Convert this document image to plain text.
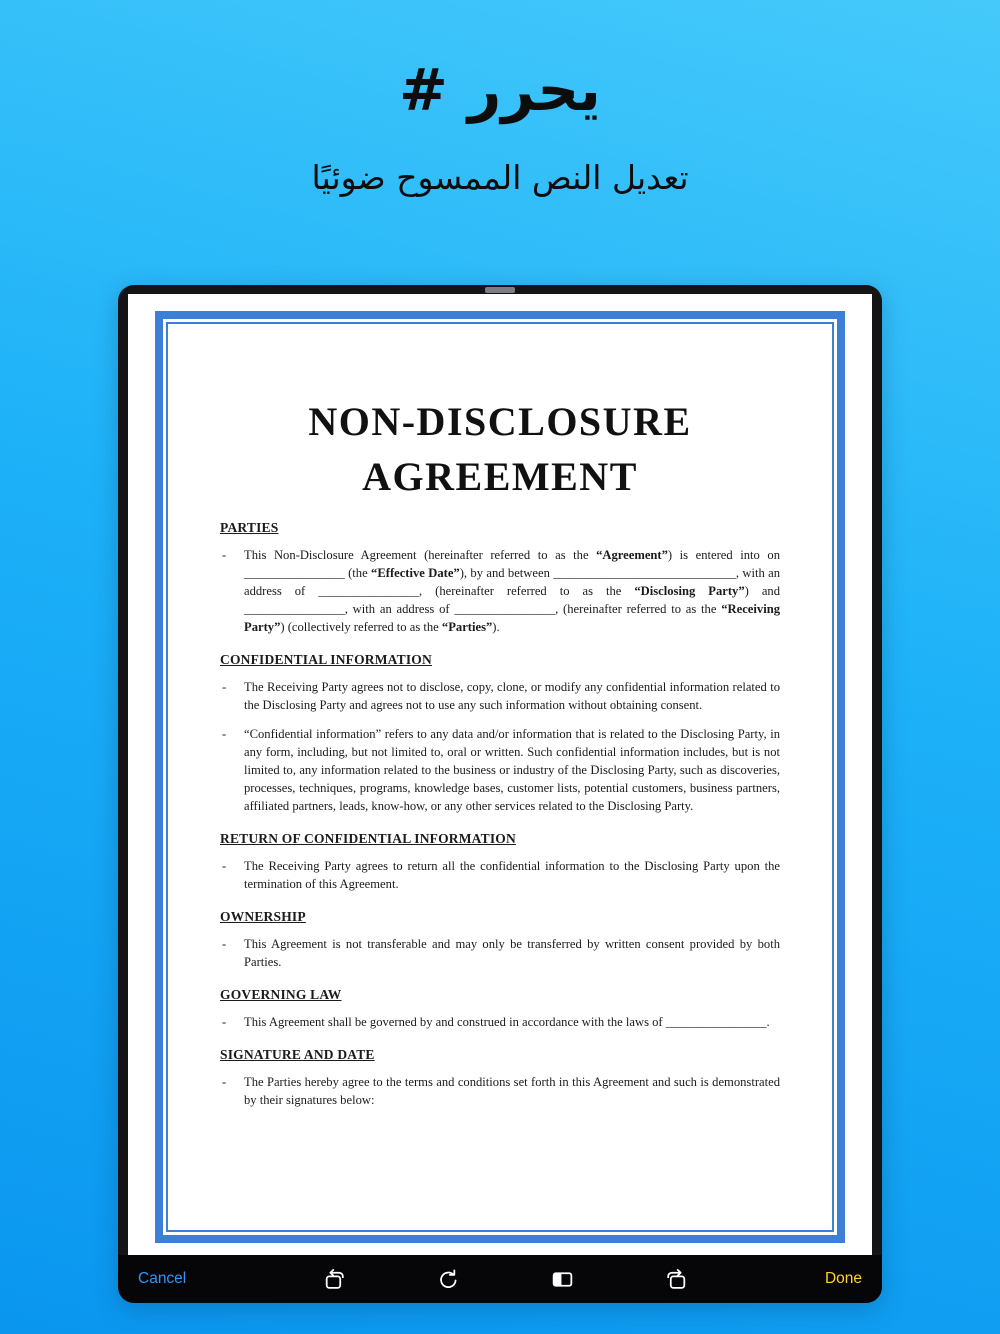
# يحرر
تعديل النص الممسوح ضوئيًا
NON-DISCLOSURE
AGREEMENT
PARTIES
-	This Non-Disclosure Agreement (hereinafter referred to as the “Agreement”) is entered into on ________________ (the “Effective Date”), by and between _____________________________, with an address of ________________, (hereinafter referred to as the “Disclosing Party”) and ________________, with an address of ________________, (hereinafter referred to as the “Receiving Party”) (collectively referred to as the “Parties”).

CONFIDENTIAL INFORMATION
-	The Receiving Party agrees not to disclose, copy, clone, or modify any confidential information related to the Disclosing Party and agrees not to use any such information without obtaining consent.

-	“Confidential information” refers to any data and/or information that is related to the Disclosing Party, in any form, including, but not limited to, oral or written. Such confidential information includes, but is not limited to, any information related to the business or industry of the Disclosing Party, such as discoveries, processes, techniques, programs, knowledge bases, customer lists, potential customers, business partners, affiliated partners, leads, know-how, or any other services related to the Disclosing Party.

RETURN OF CONFIDENTIAL INFORMATION
-	The Receiving Party agrees to return all the confidential information to the Disclosing Party upon the termination of this Agreement.

OWNERSHIP
-	This Agreement is not transferable and may only be transferred by written consent provided by both Parties.

GOVERNING LAW
-	This Agreement shall be governed by and construed in accordance with the laws of ________________.

SIGNATURE AND DATE
-	The Parties hereby agree to the terms and conditions set forth in this Agreement and such is demonstrated by their signatures below:

Cancel	Done
